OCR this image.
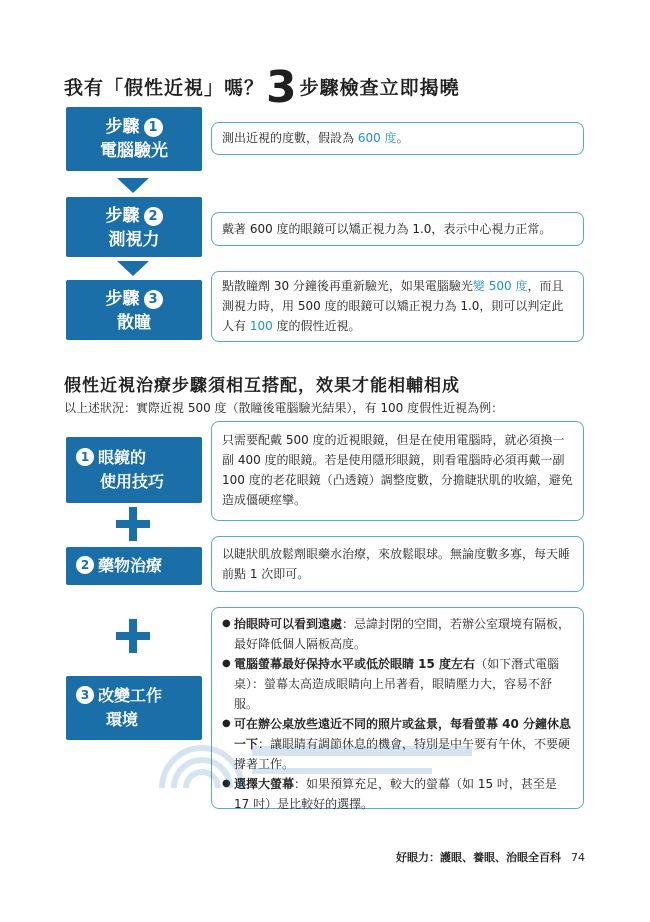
我有「假性近視」嗎？3 步驟檢查立即揭曉
步驟 1
電腦驗光
測出近視的度數，假設為 600 度。
步驟 2
測視力
戴著 600 度的眼鏡可以矯正視力為 1.0，表示中心視力正常。
步驟 3
散瞳
點散瞳劑 30 分鐘後再重新驗光，如果電腦驗光變 500 度，而且測視力時，用 500 度的眼鏡可以矯正視力為 1.0，則可以判定此人有 100 度的假性近視。
假性近視治療步驟須相互搭配，效果才能相輔相成
以上述狀況：實際近視 500 度（散瞳後電腦驗光結果），有 100 度假性近視為例：
1 眼鏡的
使用技巧
只需要配戴 500 度的近視眼鏡，但是在使用電腦時，就必須換一副 400 度的眼鏡。若是使用隱形眼鏡，則看電腦時必須再戴一副 100 度的老花眼鏡（凸透鏡）調整度數，分擔睫狀肌的收縮，避免造成僵硬痙攣。
2 藥物治療
以睫狀肌放鬆劑眼藥水治療，來放鬆眼球。無論度數多寡，每天睡前點 1 次即可。
3 改變工作
環境
● 抬眼時可以看到遠處：忌諱封閉的空間，若辦公室環境有隔板，最好降低個人隔板高度。
● 電腦螢幕最好保持水平或低於眼睛 15 度左右（如下潛式電腦桌）：螢幕太高造成眼睛向上吊著看，眼睛壓力大，容易不舒服。
● 可在辦公桌放些遠近不同的照片或盆景，每看螢幕 40 分鐘休息一下：讓眼睛有調節休息的機會，特別是中午要有午休，不要硬撐著工作。
● 選擇大螢幕：如果預算充足，較大的螢幕（如 15 吋，甚至是 17 吋）是比較好的選擇。
好眼力：護眼、養眼、治眼全百科 74
